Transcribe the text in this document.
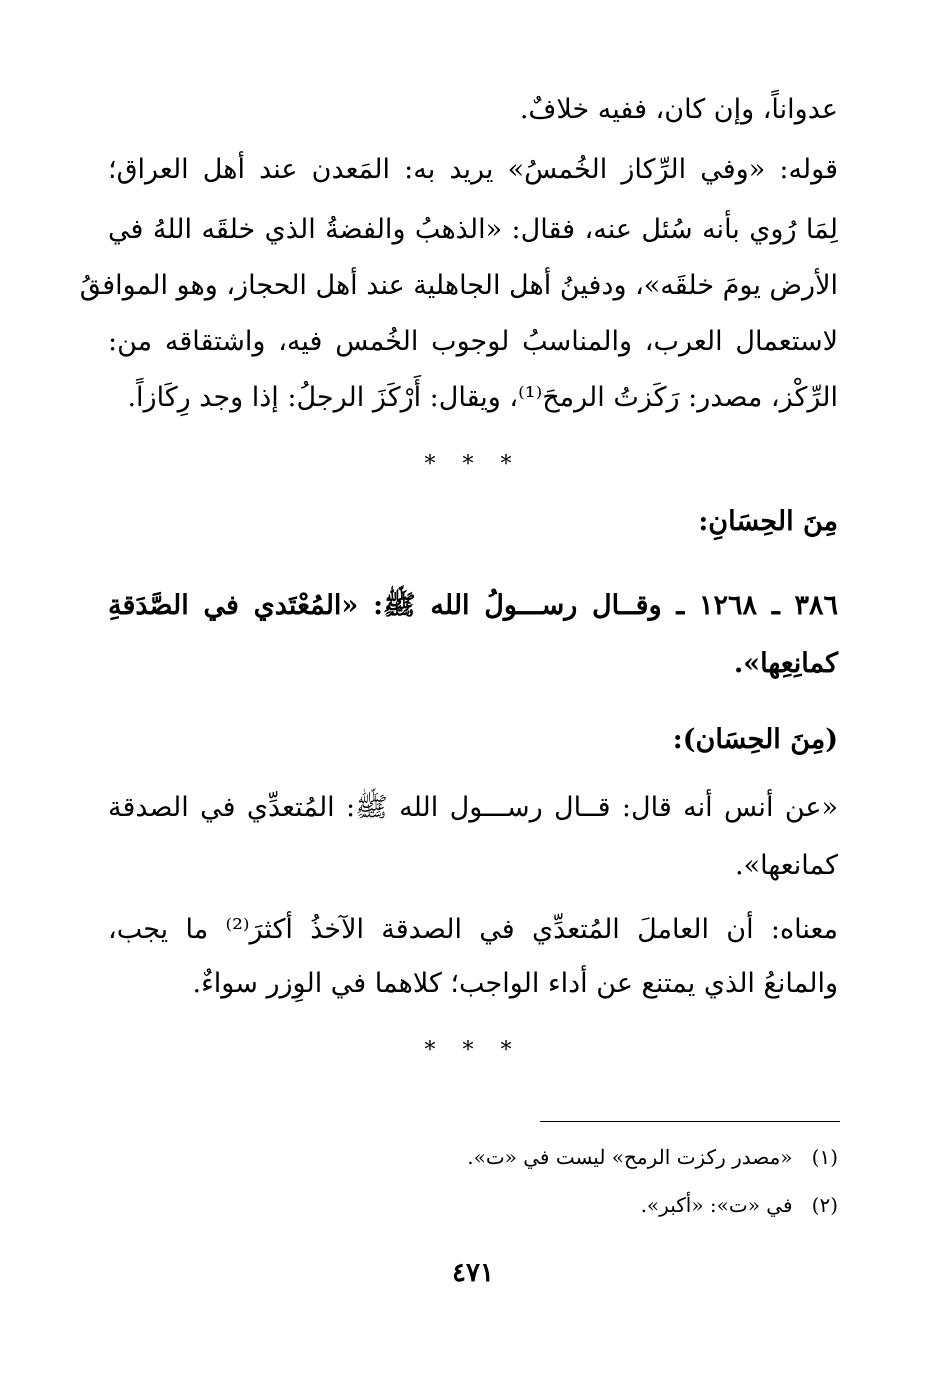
عدواناً، وإن كان، ففيه خلافٌ.
قوله: «وفي الرِّكاز الخُمسُ» يريد به: المَعدن عند أهل العراق؛
لِمَا رُوي بأنه سُئل عنه، فقال: «الذهبُ والفضةُ الذي خلقَه اللهُ في
الأرض يومَ خلقَه»، ودفينُ أهل الجاهلية عند أهل الحجاز، وهو الموافقُ
لاستعمال العرب، والمناسبُ لوجوب الخُمس فيه، واشتقاقه من:
الرِّكْز، مصدر: رَكَزتُ الرمحَ⁽¹⁾، ويقال: أَرْكَزَ الرجلُ: إذا وجد رِكَازاً.
* * *
مِنَ الحِسَانِ:
٣٨٦ ـ ١٢٦٨ ـ وقــال رســـولُ الله ﷺ: «المُعْتَدي في الصَّدَقةِ
كمانِعِها».
(مِنَ الحِسَان):
«عن أنس أنه قال: قــال رســـول الله ﷺ: المُتعدِّي في الصدقة
كمانعها».
معناه: أن العاملَ المُتعدِّي في الصدقة الآخذُ أكثرَ⁽²⁾ ما يجب،
والمانعُ الذي يمتنع عن أداء الواجب؛ كلاهما في الوِزر سواءٌ.
* * *
(١)   «مصدر ركزت الرمح» ليست في «ت».
(٢)   في «ت»: «أكبر».
٤٧١
